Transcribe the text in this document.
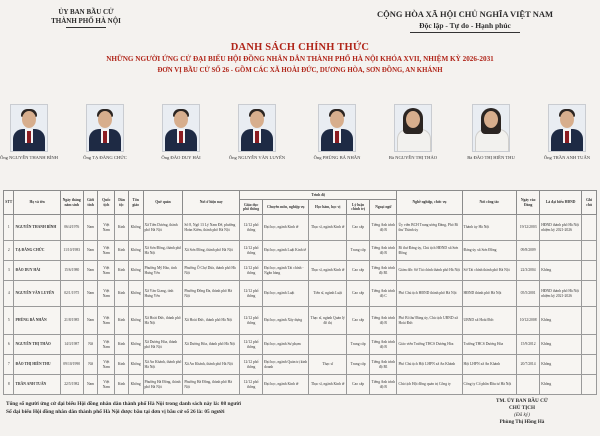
ỦY BAN BẦU CỬ
THÀNH PHỐ HÀ NỘI
CỘNG HÒA XÃ HỘI CHỦ NGHĨA VIỆT NAM
Độc lập - Tự do - Hạnh phúc
DANH SÁCH CHÍNH THỨC
NHỮNG NGƯỜI ỨNG CỬ ĐẠI BIỂU HỘI ĐỒNG NHÂN DÂN THÀNH PHỐ HÀ NỘI KHÓA XVII, NHIỆM KỲ 2026-2031
ĐƠN VỊ BẦU CỬ SỐ 26 - GỒM CÁC XÃ HOÀI ĐỨC, DƯƠNG HÒA, SƠN ĐỒNG, AN KHÁNH
Ông NGUYỄN THANH BÌNH	Ông TẠ ĐĂNG CHỨC	Ông ĐÀO DUY HẢI	Ông NGUYỄN VĂN LUYẾN	Ông PHÙNG BÁ NHÂN	Bà NGUYỄN THỊ THẢO	Bà ĐÀO THỊ HIỀN THU	Ông TRẦN ANH TUẤN
STT	Họ và tên	Ngày tháng năm sinh	Giới tính	Quốc tịch	Dân tộc	Tôn giáo	Quê quán	Nơi ở hiện nay	Trình độ					Nghề nghiệp, chức vụ	Nơi công tác	Ngày vào Đảng	Là đại biểu HĐND	Ghi chú
									Giáo dục phổ thông	Chuyên môn, nghiệp vụ	Học hàm, học vị	Lý luận chính trị	Ngoại ngữ					
1	NGUYỄN THANH BÌNH	06/4/1976	Nam	Việt Nam	Kinh	Không	Xã Tiên Dương, thành phố Hà Nội	Số 8, Ngõ 13 Lý Nam Đế, phường Hoàn Kiếm, thành phố Hà Nội	12/12 phổ thông	Đại học, ngành Kinh tế	Thạc sĩ, ngành Kinh tế	Cao cấp	Tiếng Anh trình độ B	Ủy viên BCH Trung ương Đảng, Phó Bí thư Thành ủy	Thành ủy Hà Nội	19/12/2003	HĐND thành phố Hà Nội nhiệm kỳ 2021-2026	
2	TẠ ĐĂNG CHỨC	11/10/1983	Nam	Việt Nam	Kinh	Không	Xã Sơn Đồng, thành phố Hà Nội	Xã Sơn Đồng, thành phố Hà Nội	12/12 phổ thông	Đại học, ngành Luật Kinh tế		Trung cấp	Tiếng Anh trình độ B	Bí thư Đảng ủy, Chủ tịch HĐND xã Sơn Đồng	Đảng ủy xã Sơn Đồng	09/8/2009		
3	ĐÀO DUY HẢI	15/6/1980	Nam	Việt Nam	Kinh	Không	Phường Mỹ Hào, tỉnh Hưng Yên	Phường Ô Chợ Dừa, thành phố Hà Nội	12/12 phổ thông	Đại học, ngành Tài chính - Ngân hàng	Thạc sĩ, ngành Kinh tế	Cao cấp	Tiếng Anh trình độ B1	Giám đốc Sở Tài chính thành phố Hà Nội	Sở Tài chính thành phố Hà Nội	22/3/2004	Không	
4	NGUYỄN VĂN LUYẾN	02/1/1975	Nam	Việt Nam	Kinh	Không	Xã Văn Giang, tỉnh Hưng Yên	Phường Đống Đa, thành phố Hà Nội	12/12 phổ thông	Đại học, ngành Luật	Tiến sĩ, ngành Luật	Cao cấp	Tiếng Anh trình độ C	Phó Chủ tịch HĐND thành phố Hà Nội	HĐND thành phố Hà Nội	05/5/2001	HĐND thành phố Hà Nội nhiệm kỳ 2021-2026	
5	PHÙNG BÁ NHÂN	21/8/1985	Nam	Việt Nam	Kinh	Không	Xã Hoài Đức, thành phố Hà Nội	Xã Hoài Đức, thành phố Hà Nội	12/12 phổ thông	Đại học, ngành Xây dựng	Thạc sĩ, ngành Quản lý đô thị	Cao cấp	Tiếng Anh trình độ B	Phó Bí thư Đảng ủy, Chủ tịch UBND xã Hoài Đức	UBND xã Hoài Đức	10/12/2008	Không	
6	NGUYỄN THỊ THẢO	14/3/1987	Nữ	Việt Nam	Kinh	Không	Xã Dương Hòa, thành phố Hà Nội	Xã Dương Hòa, thành phố Hà Nội	12/12 phổ thông	Đại học, ngành Sư phạm		Trung cấp	Tiếng Anh trình độ B	Giáo viên Trường THCS Dương Hòa	Trường THCS Dương Hòa	15/9/2012	Không	
7	ĐÀO THỊ HIỀN THU	09/10/1990	Nữ	Việt Nam	Kinh	Không	Xã An Khánh, thành phố Hà Nội	Xã An Khánh, thành phố Hà Nội	12/12 phổ thông	Đại học, ngành Quản trị kinh doanh	Thạc sĩ	Trung cấp	Tiếng Anh trình độ B1	Phó Chủ tịch Hội LHPN xã An Khánh	Hội LHPN xã An Khánh	20/7/2014	Không	
8	TRẦN ANH TUẤN	22/5/1982	Nam	Việt Nam	Kinh	Không	Phường Hà Đông, thành phố Hà Nội	Phường Hà Đông, thành phố Hà Nội	12/12 phổ thông	Đại học, ngành Kinh tế	Thạc sĩ, ngành Kinh tế	Cao cấp	Tiếng Anh trình độ B	Chủ tịch Hội đồng quản trị Công ty	Công ty Cổ phần Đầu tư Hà Nội		Không	
Tổng số người ứng cử đại biểu Hội đồng nhân dân thành phố Hà Nội trong danh sách này là: 08 người
Số đại biểu Hội đồng nhân dân thành phố Hà Nội được bầu tại đơn vị bầu cử số 26 là: 05 người
TM. ỦY BAN BẦU CỬ
CHỦ TỊCH
(Đã ký)
Phùng Thị Hồng Hà
